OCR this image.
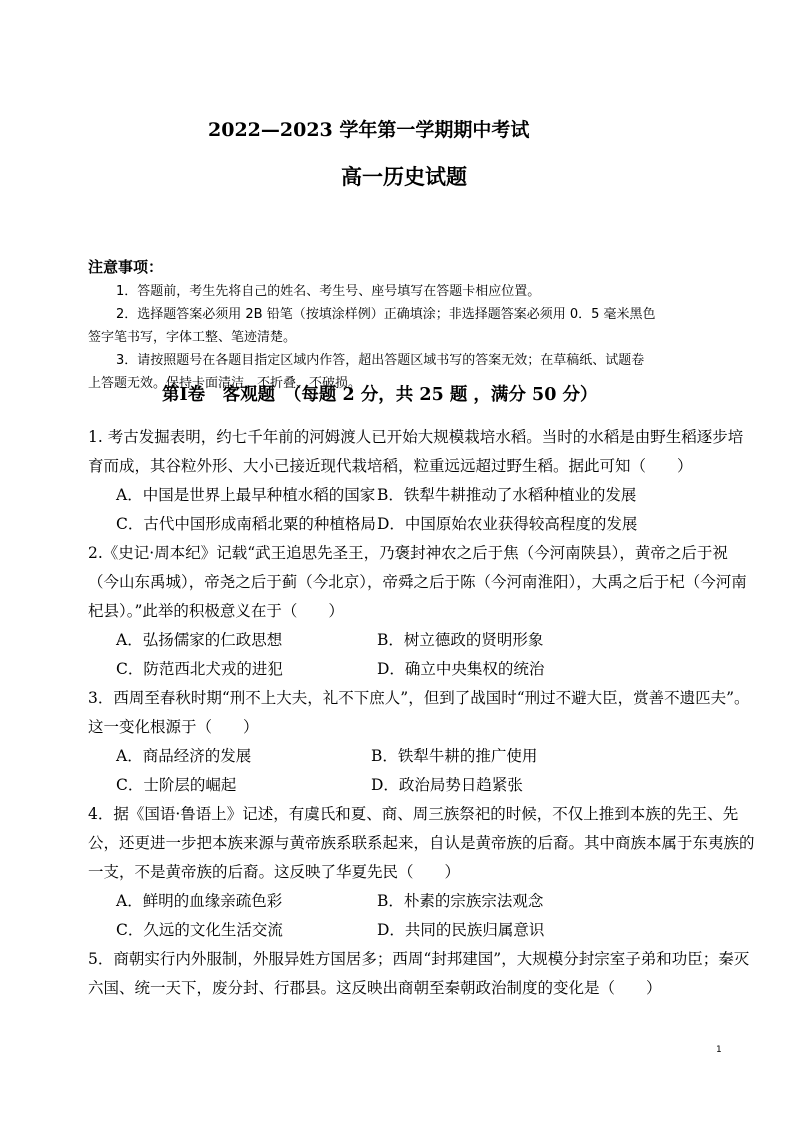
2022—2023 学年第一学期期中考试
高一历史试题
注意事项：
1．答题前，考生先将自己的姓名、考生号、座号填写在答题卡相应位置。
2．选择题答案必须用 2B 铅笔（按填涂样例）正确填涂；非选择题答案必须用 0．5 毫米黑色
签字笔书写，字体工整、笔迹清楚。
3．请按照题号在各题目指定区域内作答，超出答题区域书写的答案无效；在草稿纸、试题卷
上答题无效。保持卡面清洁，不折叠、不破损。
第Ⅰ卷　客观题　（每题 2 分，共 25 题 ，满分 50 分）
1. 考古发掘表明，约七千年前的河姆渡人已开始大规模栽培水稻。当时的水稻是由野生稻逐步培
育而成，其谷粒外形、大小已接近现代栽培稻，粒重远远超过野生稻。据此可知（　　）
A．中国是世界上最早种植水稻的国家 B．铁犁牛耕推动了水稻种植业的发展
C．古代中国形成南稻北粟的种植格局 D．中国原始农业获得较高程度的发展
2.《史记·周本纪》记载“武王追思先圣王，乃褒封神农之后于焦（今河南陕县），黄帝之后于祝
（今山东禹城），帝尧之后于蓟（今北京），帝舜之后于陈（今河南淮阳），大禹之后于杞（今河南
杞县）。”此举的积极意义在于（　　）
A．弘扬儒家的仁政思想	B．树立德政的贤明形象
C．防范西北犬戎的进犯	D．确立中央集权的统治
3．西周至春秋时期“刑不上大夫，礼不下庶人”，但到了战国时“刑过不避大臣，赏善不遗匹夫”。
这一变化根源于（　　）
A．商品经济的发展	B．铁犁牛耕的推广使用
C．士阶层的崛起	D．政治局势日趋紧张
4．据《国语·鲁语上》记述，有虞氏和夏、商、周三族祭祀的时候，不仅上推到本族的先王、先
公，还更进一步把本族来源与黄帝族系联系起来，自认是黄帝族的后裔。其中商族本属于东夷族的
一支，不是黄帝族的后裔。这反映了华夏先民（　　）
A．鲜明的血缘亲疏色彩	B．朴素的宗族宗法观念
C．久远的文化生活交流	D．共同的民族归属意识
5．商朝实行内外服制，外服异姓方国居多；西周“封邦建国”，大规模分封宗室子弟和功臣；秦灭
六国、统一天下，废分封、行郡县。这反映出商朝至秦朝政治制度的变化是（　　）
1
